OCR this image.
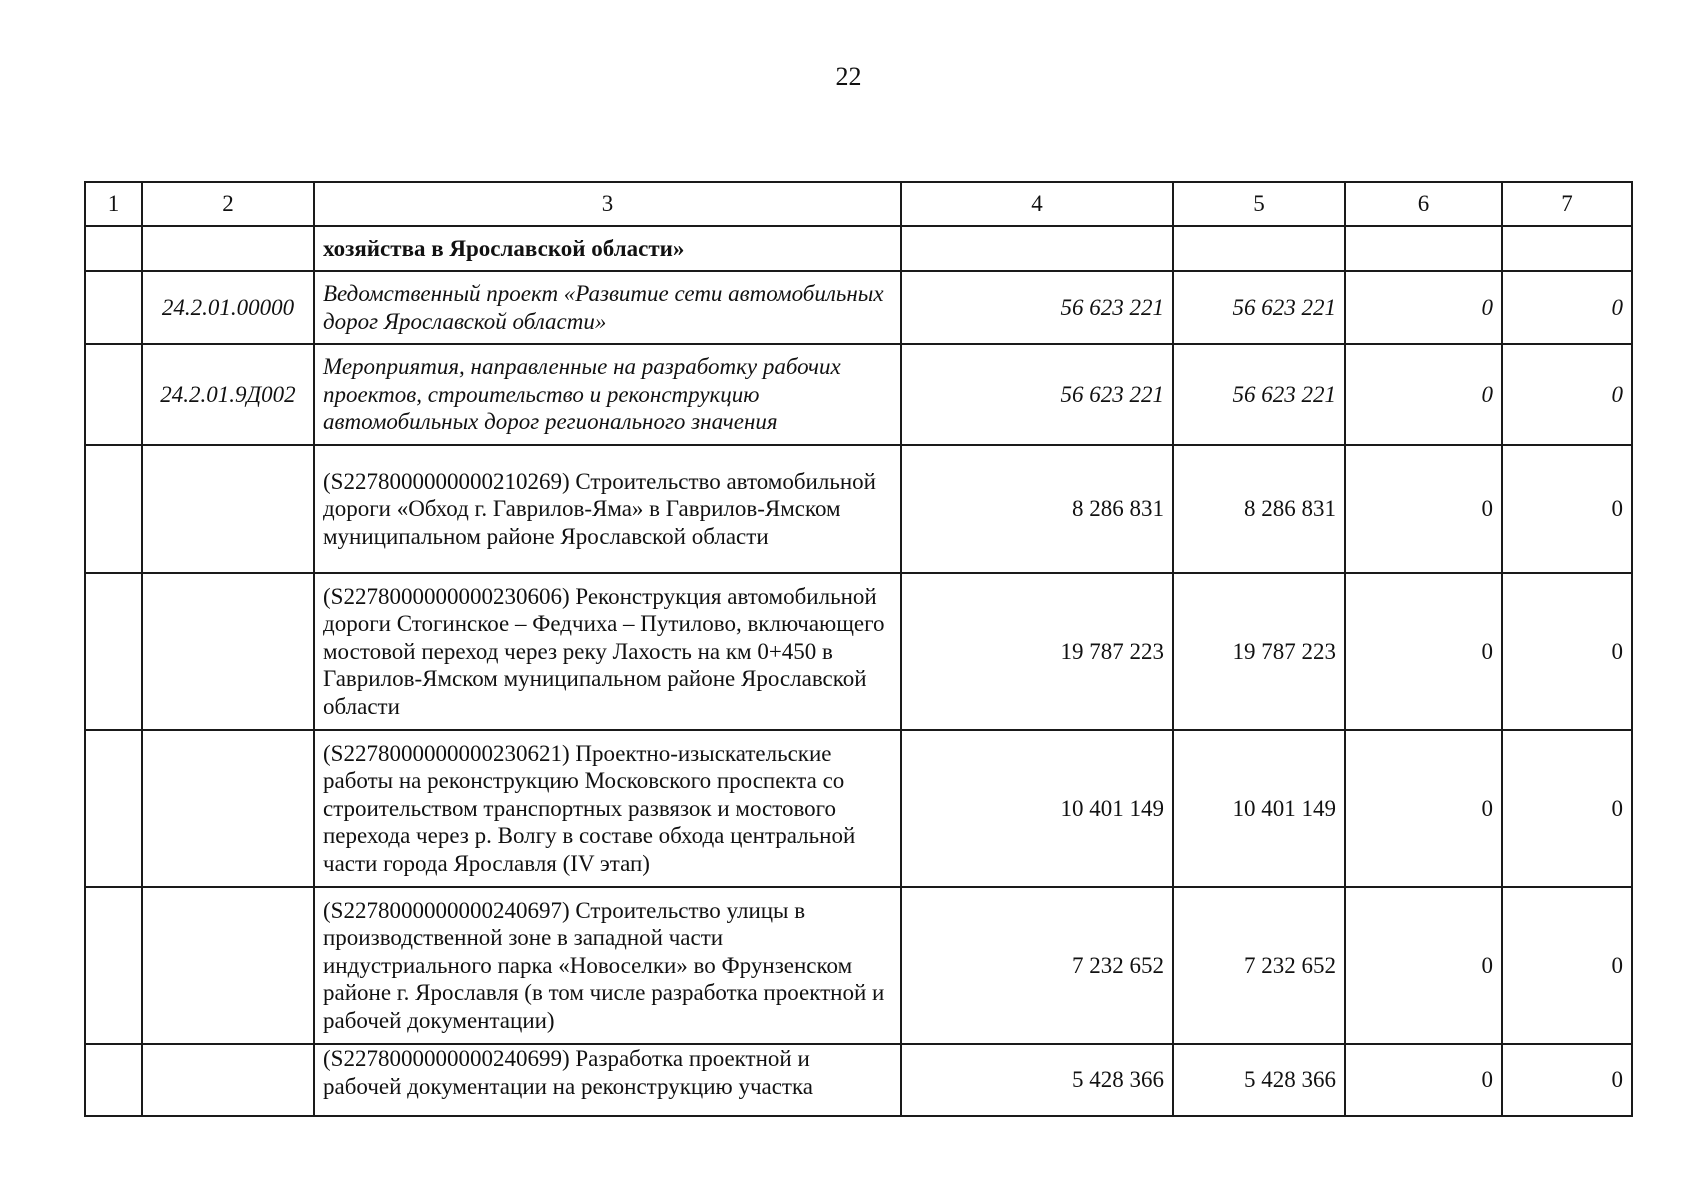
22
1	2	3	4	5	6	7
		хозяйства в Ярославской области»				
	24.2.01.00000	Ведомственный проект «Развитие сети автомобильных дорог Ярославской области»	56 623 221	56 623 221	0	0
	24.2.01.9Д002	Мероприятия, направленные на разработку рабочих проектов, строительство и реконструкцию автомобильных дорог регионального значения	56 623 221	56 623 221	0	0
		(S2278000000000210269) Строительство автомобильной дороги «Обход г. Гаврилов-Яма» в Гаврилов-Ямском муниципальном районе Ярославской области	8 286 831	8 286 831	0	0
		(S2278000000000230606) Реконструкция автомобильной дороги Стогинское – Федчиха – Путилово, включающего мостовой переход через реку Лахость на км 0+450 в Гаврилов-Ямском муниципальном районе Ярославской области	19 787 223	19 787 223	0	0
		(S2278000000000230621) Проектно-изыскательские работы на реконструкцию Московского проспекта со строительством транспортных развязок и мостового перехода через р. Волгу в составе обхода центральной части города Ярославля (IV этап)	10 401 149	10 401 149	0	0
		(S2278000000000240697) Строительство улицы в производственной зоне в западной части индустриального парка «Новоселки» во Фрунзенском районе г. Ярославля (в том числе разработка проектной и рабочей документации)	7 232 652	7 232 652	0	0
		(S2278000000000240699) Разработка проектной и рабочей документации на реконструкцию участка	5 428 366	5 428 366	0	0
